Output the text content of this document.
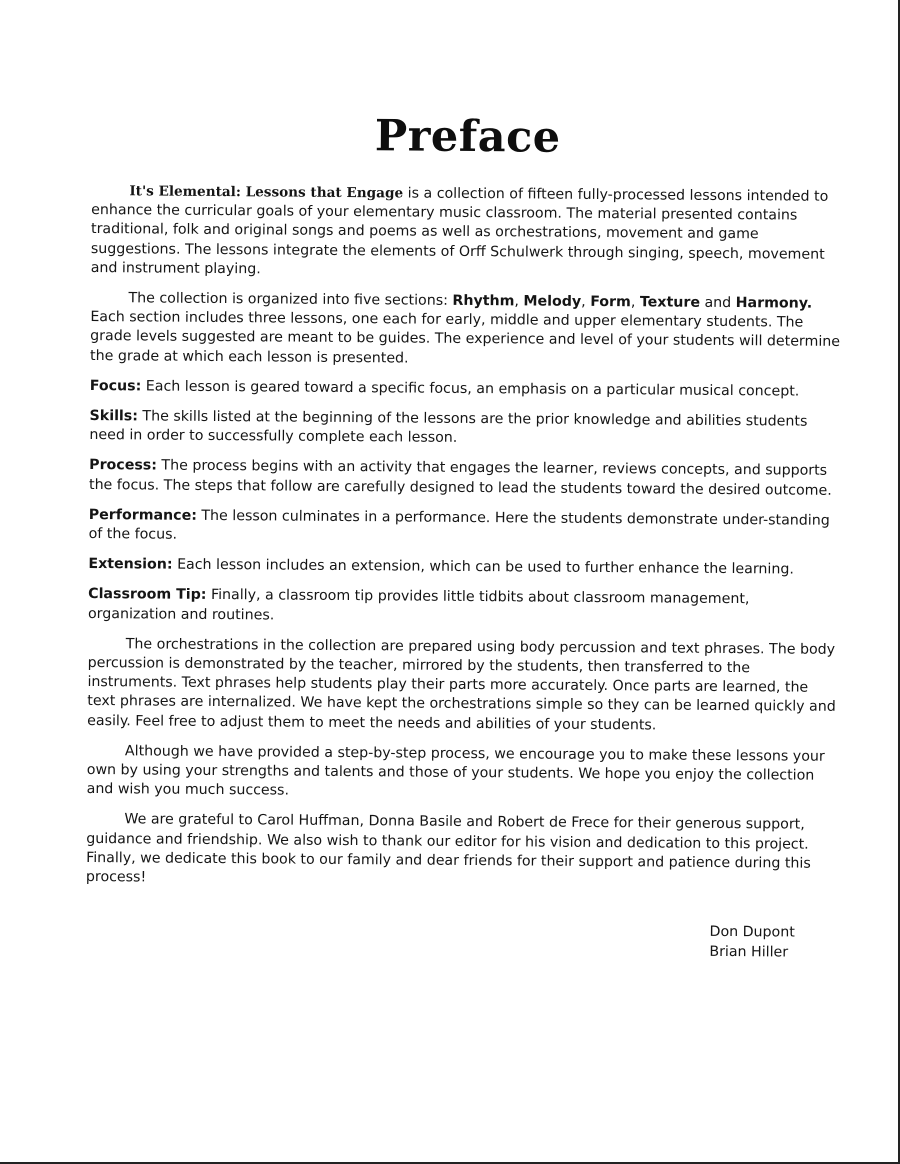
Preface

It's Elemental: Lessons that Engage is a collection of fifteen fully-processed lessons intended to enhance the curricular goals of your elementary music classroom. The material presented contains traditional, folk and original songs and poems as well as orchestrations, movement and game suggestions. The lessons integrate the elements of Orff Schulwerk through singing, speech, movement and instrument playing.

The collection is organized into five sections: Rhythm, Melody, Form, Texture and Harmony. Each section includes three lessons, one each for early, middle and upper elementary students. The grade levels suggested are meant to be guides. The experience and level of your students will determine the grade at which each lesson is presented.

Focus: Each lesson is geared toward a specific focus, an emphasis on a particular musical concept.

Skills: The skills listed at the beginning of the lessons are the prior knowledge and abilities students need in order to successfully complete each lesson.

Process: The process begins with an activity that engages the learner, reviews concepts, and supports the focus. The steps that follow are carefully designed to lead the students toward the desired outcome.

Performance: The lesson culminates in a performance. Here the students demonstrate under-standing of the focus.

Extension: Each lesson includes an extension, which can be used to further enhance the learning.

Classroom Tip: Finally, a classroom tip provides little tidbits about classroom management, organization and routines.

The orchestrations in the collection are prepared using body percussion and text phrases. The body percussion is demonstrated by the teacher, mirrored by the students, then transferred to the instruments. Text phrases help students play their parts more accurately. Once parts are learned, the text phrases are internalized. We have kept the orchestrations simple so they can be learned quickly and easily. Feel free to adjust them to meet the needs and abilities of your students.

Although we have provided a step-by-step process, we encourage you to make these lessons your own by using your strengths and talents and those of your students. We hope you enjoy the collection and wish you much success.

We are grateful to Carol Huffman, Donna Basile and Robert de Frece for their generous support, guidance and friendship. We also wish to thank our editor for his vision and dedication to this project. Finally, we dedicate this book to our family and dear friends for their support and patience during this process!

Don Dupont
Brian Hiller
